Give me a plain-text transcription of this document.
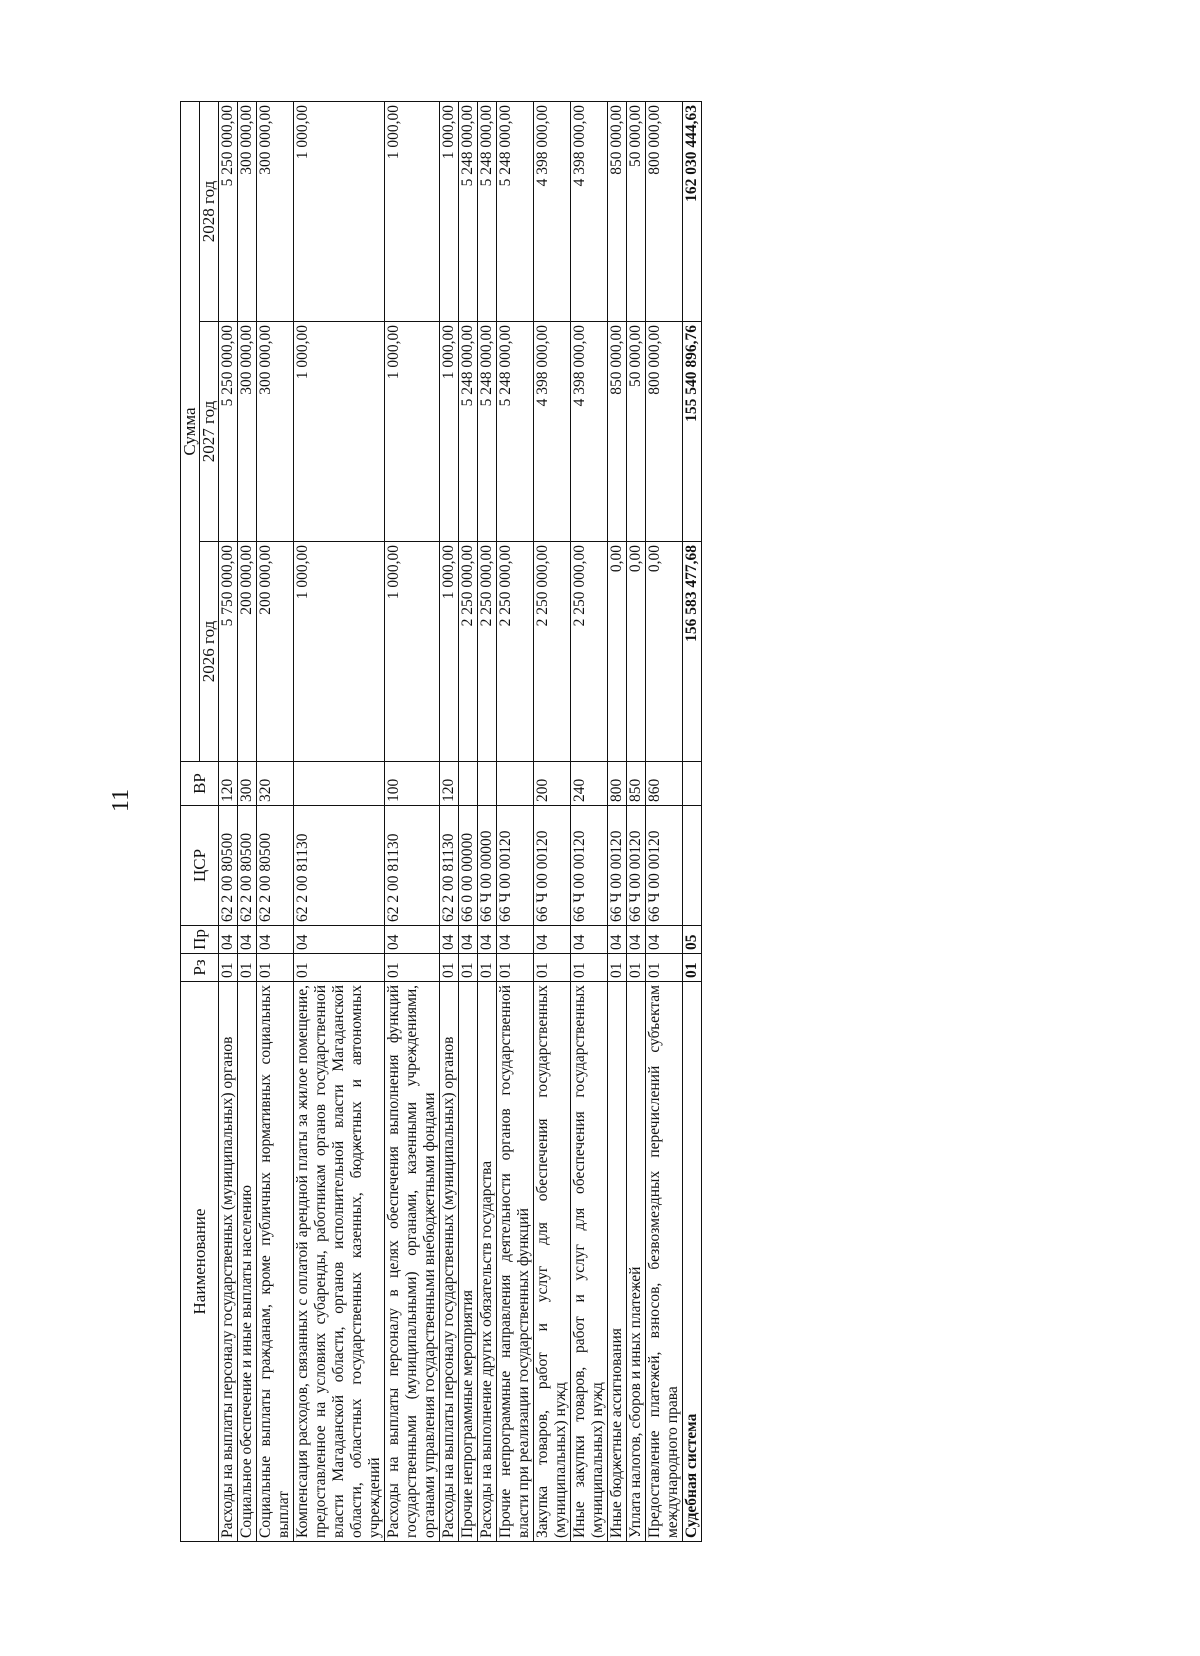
11
Наименование	Рз	Пр	ЦСР	ВР	Сумма		
					2026 год	2027 год	2028 год
Расходы на выплаты персоналу государственных (муниципальных) органов	01	04	62 2 00 80500	120	5 750 000,00	5 250 000,00	5 250 000,00
Социальное обеспечение и иные выплаты населению	01	04	62 2 00 80500	300	200 000,00	300 000,00	300 000,00
Социальные выплаты гражданам, кроме публичных нормативных социальных выплат	01	04	62 2 00 80500	320	200 000,00	300 000,00	300 000,00
Компенсация расходов, связанных с оплатой арендной платы за жилое помещение, предоставленное на условиях субаренды, работникам органов государственной власти Магаданской области, органов исполнительной власти Магаданской области, областных государственных казенных, бюджетных и автономных учреждений	01	04	62 2 00 81130		1 000,00	1 000,00	1 000,00
Расходы на выплаты персоналу в целях обеспечения выполнения функций государственными (муниципальными) органами, казенными учреждениями, органами управления государственными внебюджетными фондами	01	04	62 2 00 81130	100	1 000,00	1 000,00	1 000,00
Расходы на выплаты персоналу государственных (муниципальных) органов	01	04	62 2 00 81130	120	1 000,00	1 000,00	1 000,00
Прочие непрограммные мероприятия	01	04	66 0 00 00000		2 250 000,00	5 248 000,00	5 248 000,00
Расходы на выполнение других обязательств государства	01	04	66 Ч 00 00000		2 250 000,00	5 248 000,00	5 248 000,00
Прочие непрограммные направления деятельности органов государственной власти при реализации государственных функций	01	04	66 Ч 00 00120		2 250 000,00	5 248 000,00	5 248 000,00
Закупка товаров, работ и услуг для обеспечения государственных (муниципальных) нужд	01	04	66 Ч 00 00120	200	2 250 000,00	4 398 000,00	4 398 000,00
Иные закупки товаров, работ и услуг для обеспечения государственных (муниципальных) нужд	01	04	66 Ч 00 00120	240	2 250 000,00	4 398 000,00	4 398 000,00
Иные бюджетные ассигнования	01	04	66 Ч 00 00120	800	0,00	850 000,00	850 000,00
Уплата налогов, сборов и иных платежей	01	04	66 Ч 00 00120	850	0,00	50 000,00	50 000,00
Предоставление платежей, взносов, безвозмездных перечислений субъектам международного права	01	04	66 Ч 00 00120	860	0,00	800 000,00	800 000,00
Судебная система	01	05			156 583 477,68	155 540 896,76	162 030 444,63
